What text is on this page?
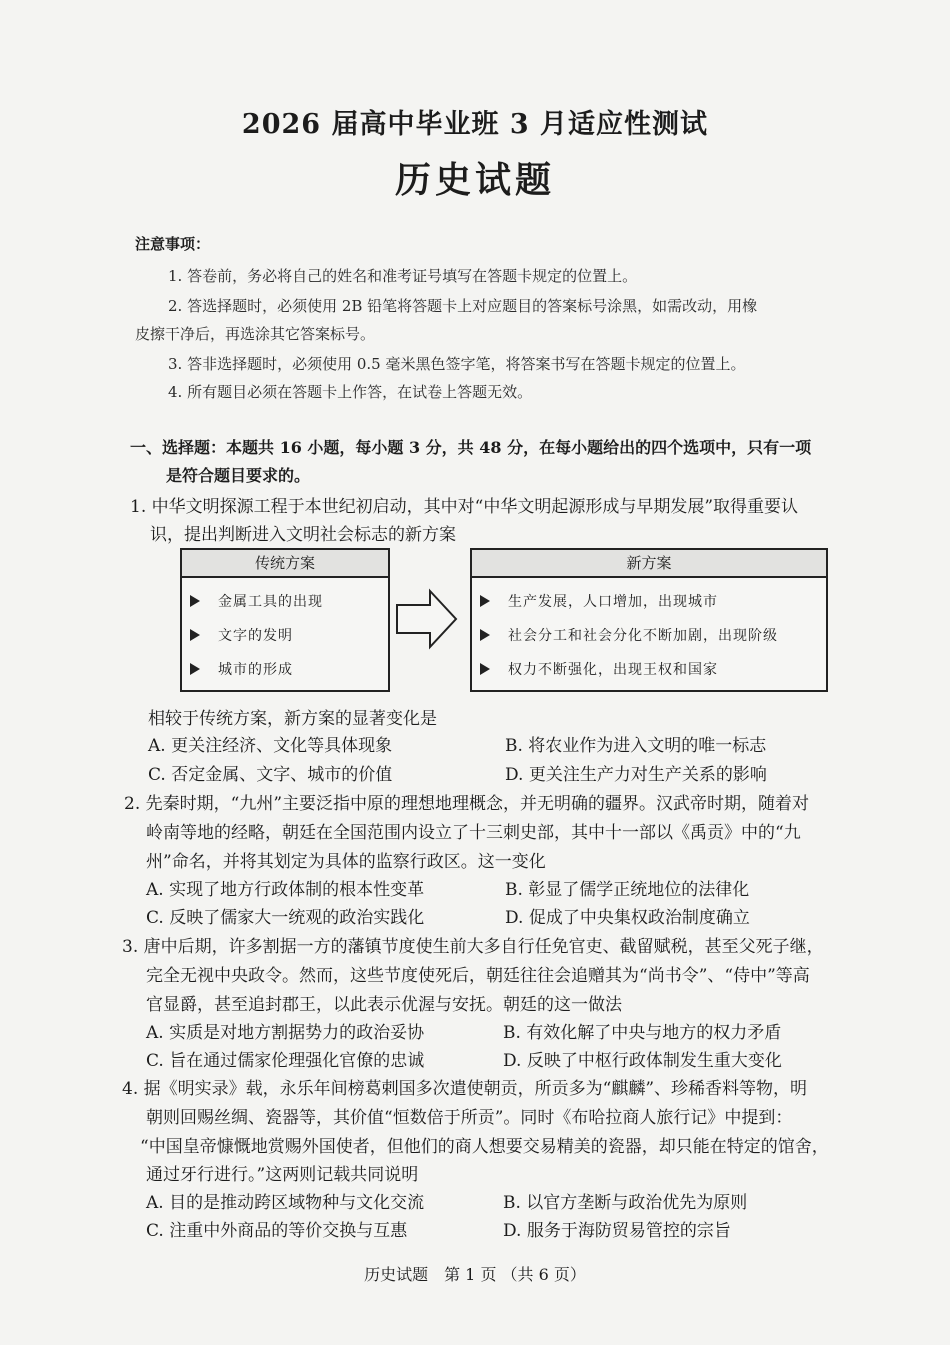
2026 届高中毕业班 3 月适应性测试
历史试题
注意事项：
1. 答卷前，务必将自己的姓名和准考证号填写在答题卡规定的位置上。
2. 答选择题时，必须使用 2B 铅笔将答题卡上对应题目的答案标号涂黑，如需改动，用橡
皮擦干净后，再选涂其它答案标号。
3. 答非选择题时，必须使用 0.5 毫米黑色签字笔，将答案书写在答题卡规定的位置上。
4. 所有题目必须在答题卡上作答，在试卷上答题无效。
一、选择题：本题共 16 小题，每小题 3 分，共 48 分，在每小题给出的四个选项中，只有一项
是符合题目要求的。
1. 中华文明探源工程于本世纪初启动，其中对“中华文明起源形成与早期发展”取得重要认
识，提出判断进入文明社会标志的新方案
传统方案
金属工具的出现
文字的发明
城市的形成
新方案
生产发展，人口增加，出现城市
社会分工和社会分化不断加剧，出现阶级
权力不断强化，出现王权和国家
相较于传统方案，新方案的显著变化是
A. 更关注经济、文化等具体现象	B. 将农业作为进入文明的唯一标志
C. 否定金属、文字、城市的价值	D. 更关注生产力对生产关系的影响
2. 先秦时期，“九州”主要泛指中原的理想地理概念，并无明确的疆界。汉武帝时期，随着对
岭南等地的经略，朝廷在全国范围内设立了十三刺史部，其中十一部以《禹贡》中的“九
州”命名，并将其划定为具体的监察行政区。这一变化
A. 实现了地方行政体制的根本性变革	B. 彰显了儒学正统地位的法律化
C. 反映了儒家大一统观的政治实践化	D. 促成了中央集权政治制度确立
3. 唐中后期，许多割据一方的藩镇节度使生前大多自行任免官吏、截留赋税，甚至父死子继，
完全无视中央政令。然而，这些节度使死后，朝廷往往会追赠其为“尚书令”、“侍中”等高
官显爵，甚至追封郡王，以此表示优渥与安抚。朝廷的这一做法
A. 实质是对地方割据势力的政治妥协	B. 有效化解了中央与地方的权力矛盾
C. 旨在通过儒家伦理强化官僚的忠诚	D. 反映了中枢行政体制发生重大变化
4. 据《明实录》载，永乐年间榜葛剌国多次遣使朝贡，所贡多为“麒麟”、珍稀香料等物，明
朝则回赐丝绸、瓷器等，其价值“恒数倍于所贡”。同时《布哈拉商人旅行记》中提到：
“中国皇帝慷慨地赏赐外国使者，但他们的商人想要交易精美的瓷器，却只能在特定的馆舍，
通过牙行进行。”这两则记载共同说明
A. 目的是推动跨区域物种与文化交流	B. 以官方垄断与政治优先为原则
C. 注重中外商品的等价交换与互惠	D. 服务于海防贸易管控的宗旨
历史试题　第 1 页 （共 6 页）
